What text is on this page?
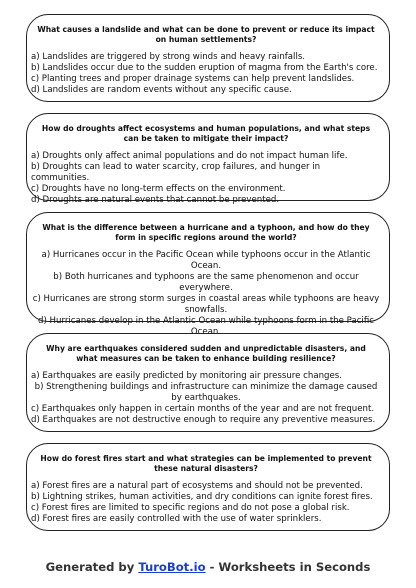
What causes a landslide and what can be done to prevent or reduce its impact on human settlements?
a) Landslides are triggered by strong winds and heavy rainfalls.
b) Landslides occur due to the sudden eruption of magma from the Earth's core.
c) Planting trees and proper drainage systems can help prevent landslides.
d) Landslides are random events without any specific cause.
How do droughts affect ecosystems and human populations, and what steps can be taken to mitigate their impact?
a) Droughts only affect animal populations and do not impact human life.
b) Droughts can lead to water scarcity, crop failures, and hunger in communities.
c) Droughts have no long-term effects on the environment.
d) Droughts are natural events that cannot be prevented.
What is the difference between a hurricane and a typhoon, and how do they form in specific regions around the world?
a) Hurricanes occur in the Pacific Ocean while typhoons occur in the Atlantic Ocean.
b) Both hurricanes and typhoons are the same phenomenon and occur everywhere.
c) Hurricanes are strong storm surges in coastal areas while typhoons are heavy snowfalls.
d) Hurricanes develop in the Atlantic Ocean while typhoons form in the Pacific
Why are earthquakes considered sudden and unpredictable disasters, and what measures can be taken to enhance building resilience?
a) Earthquakes are easily predicted by monitoring air pressure changes.
b) Strengthening buildings and infrastructure can minimize the damage caused by earthquakes.
c) Earthquakes only happen in certain months of the year and are not frequent.
d) Earthquakes are not destructive enough to require any preventive measures.
How do forest fires start and what strategies can be implemented to prevent these natural disasters?
a) Forest fires are a natural part of ecosystems and should not be prevented.
b) Lightning strikes, human activities, and dry conditions can ignite forest fires.
c) Forest fires are limited to specific regions and do not pose a global risk.
d) Forest fires are easily controlled with the use of water sprinklers.
Generated by TuroBot.io - Worksheets in Seconds
